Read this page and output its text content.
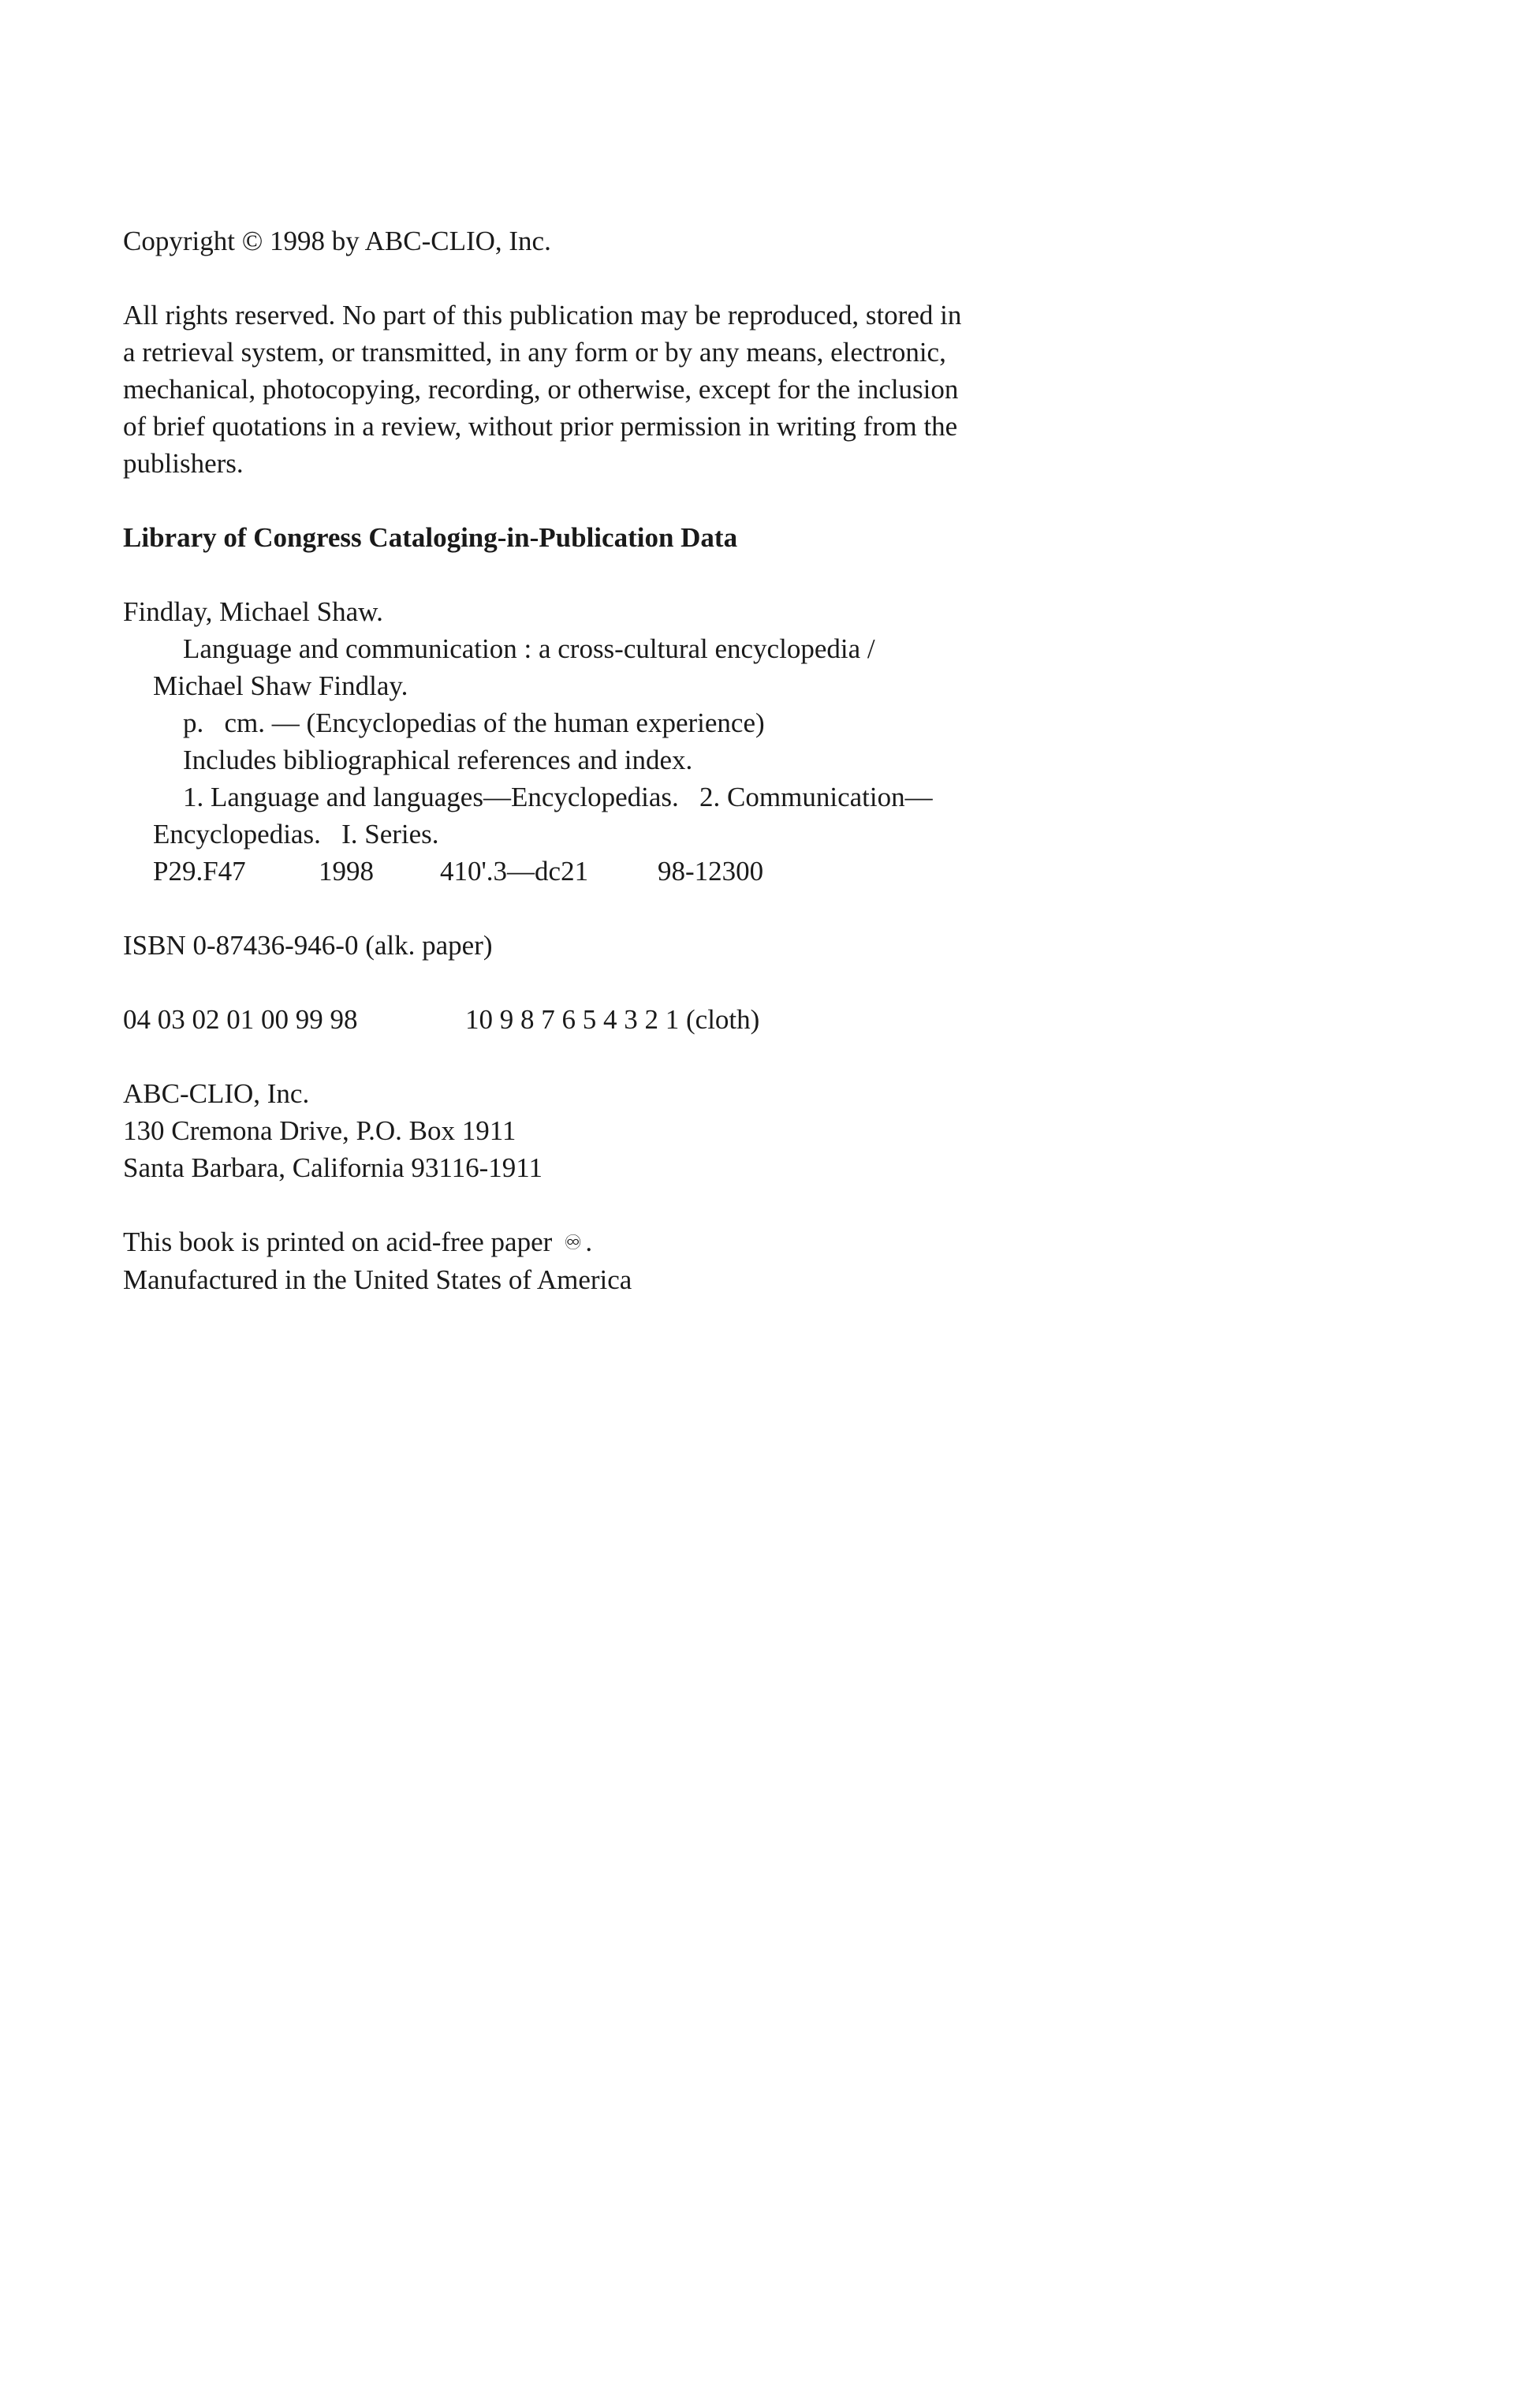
Copyright © 1998 by ABC-CLIO, Inc.

All rights reserved. No part of this publication may be reproduced, stored in
a retrieval system, or transmitted, in any form or by any means, electronic,
mechanical, photocopying, recording, or otherwise, except for the inclusion
of brief quotations in a review, without prior permission in writing from the
publishers.

Library of Congress Cataloging-in-Publication Data

Findlay, Michael Shaw.
Language and communication : a cross-cultural encyclopedia /
Michael Shaw Findlay.
p.   cm. — (Encyclopedias of the human experience)
Includes bibliographical references and index.
1. Language and languages—Encyclopedias.   2. Communication—
Encyclopedias.   I. Series.
P29.F47	1998 410'.3—dc21	98-12300

ISBN 0-87436-946-0 (alk. paper)

04 03 02 01 00 99 98	10 9 8 7 6 5 4 3 2 1 (cloth)

ABC-CLIO, Inc.
130 Cremona Drive, P.O. Box 1911
Santa Barbara, California 93116-1911
This book is printed on acid-free paper ♾ .
Manufactured in the United States of America
